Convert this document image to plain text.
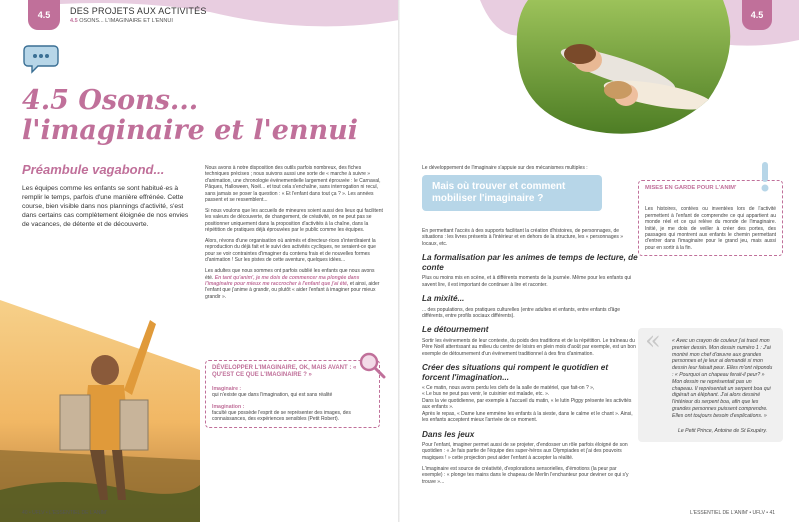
4.5	DES PROJETS AUX ACTIVITÉS
4.5 OSONS... L'IMAGINAIRE ET L'ENNUI
4.5 Osons...
l'imaginaire et l'ennui
Préambule vagabond...
Les équipes comme les enfants se sont habitué·es à remplir le temps, parfois d'une manière effrénée. Cette course, bien visible dans nos plannings d'activité, s'est dans certains cas complètement éloignée de nos envies de vacances, de détente et de découverte.

Nous avons à notre disposition des outils parfois nombreux, des fiches techniques précises ; nous suivons aussi une sorte de « marche à suivre » d'animation, une chronologie événementielle largement éprouvée : le Carnaval, Pâques, Halloween, Noël... et tout cela s'enchaîne, sans interrogation ni recul, sans jamais se poser la question : « Et l'enfant dans tout ça ? ». Les années passent et se ressemblent...

Si nous voulons que les accueils de mineures soient aussi des lieux qui facilitent les valeurs de découverte, de changement, de créativité, on ne peut pas se positionner uniquement dans la proposition d'activités à la chaîne, dans la répétition de pratiques déjà éprouvées par le public comme les équipes.

Alors, révons d'une organisation où animés et directeur·rices s'interdiraient la reproduction du déjà fait et le suivi des activités cycliques, ne seraient-ce que pour se voir contraintes d'imaginer du contenu frais et de nouvelles formes d'animation ! Sur les pistes de cette aventure, quelques idées...

Les adultes que nous sommes ont parfois oublié les enfants que nous avons été. En tant qu'anim', je me dois de commencer ma plongée dans l'imaginaire pour mieux me raccrocher à l'enfant que j'ai été, et ainsi, aider l'enfant que j'anime à grandir, ou plutôt « aider l'enfant à imaginer pour mieux grandir ».

DÉVELOPPER L'IMAGINAIRE, OK, MAIS AVANT : « QU'EST CE QUE L'IMAGINAIRE ? »
Imaginaire :
qui n'existe que dans l'imagination, qui est sans réalité
Imagination :
faculté que possède l'esprit de se représenter des images, des connaissances, des expériences sensibles (Petit Robert).
40 • UFLV • L'ESSENTIEL DE L'ANIM'
4.5
Le développement de l'imaginaire s'appuie sur des mécanismes multiples :
Mais où trouver et comment mobiliser l'imaginaire ?

En permettant l'accès à des supports facilitant la création d'histoires, de personnages, de situations : les livres présents à l'intérieur et en dehors de la structure, les « personnages » locaux, etc.

La formalisation par les animes de temps de lecture, de conte

Plus ou moins mis en scène, et à différents moments de la journée. Même pour les enfants qui savent lire, il est important de continuer à lire et raconter.

La mixité...

... des populations, des pratiques culturelles (entre adultes et enfants, entre enfants d'âge différents, entre profils sociaux différents).

Le détournement

Sortir les événements de leur contexte, du poids des traditions et de la répétition. Le traîneau du Père Noël atterrissant au milieu du centre de loisirs en plein mois d'août par exemple, est un bon exemple de détournement d'un événement traditionnel à des fins d'animation.

Créer des situations qui rompent le quotidien et forcent l'imagination...
« Ce matin, nous avons perdu les clefs de la salle de matériel, que fait-on ? »,
« Le bus ne peut pas venir, le cuisinier est malade, etc. ».
Dans la vie quotidienne, par exemple à l'accueil du matin, « le lutin Piggy présente les activités aux enfants ».

Après le repas, « Dame lune emmène les enfants à la sieste, dans le calme et le chant ». Ainsi, les enfants acceptent mieux l'arrivée de ce moment.

Dans les jeux

Pour l'enfant, imaginer permet aussi de se projeter, d'endosser un rôle parfois éloigné de son quotidien : « Je fais partie de l'équipe des super-héros aux Olympiades et j'ai des pouvoirs magiques ! » cette projection peut aider l'enfant à accepter la réalité.

L'imaginaire est source de créativité, d'explorations sensorielles, d'émotions (la peur par exemple) : « plonge tes mains dans le chapeau de Merlin l'enchanteur pour deviner ce qui s'y trouve »...

MISES EN GARDE POUR L'ANIM'
Les histoires, contées ou inventées lors de l'activité permettent à l'enfant de comprendre ce qui appartient au monde réel et ce qui relève du monde de l'imaginaire. Initié, je me dois de veiller à créer des portes, des passages qui montrent aux enfants le chemin permettant d'entrer dans l'imaginaire pour le grand jeu, mais aussi pour en sortir à la fin.
« Avec un crayon de couleur j'ai tracé mon premier dessin. Mon dessin numéro 1 : J'ai montré mon chef d'œuvre aux grandes personnes et je leur ai demandé si mon dessin leur faisait peur. Elles m'ont répondu : « Pourquoi un chapeau ferait-il peur? » Mon dessin ne représentait pas un chapeau. Il représentait un serpent boa qui digérait un éléphant. J'ai alors dessiné l'intérieur du serpent boa, afin que les grandes personnes puissent comprendre. Elles ont toujours besoin d'explications. »
Le Petit Prince, Antoine de St Exupéry.
«
L'ESSENTIEL DE L'ANIM' • UFLV • 41
